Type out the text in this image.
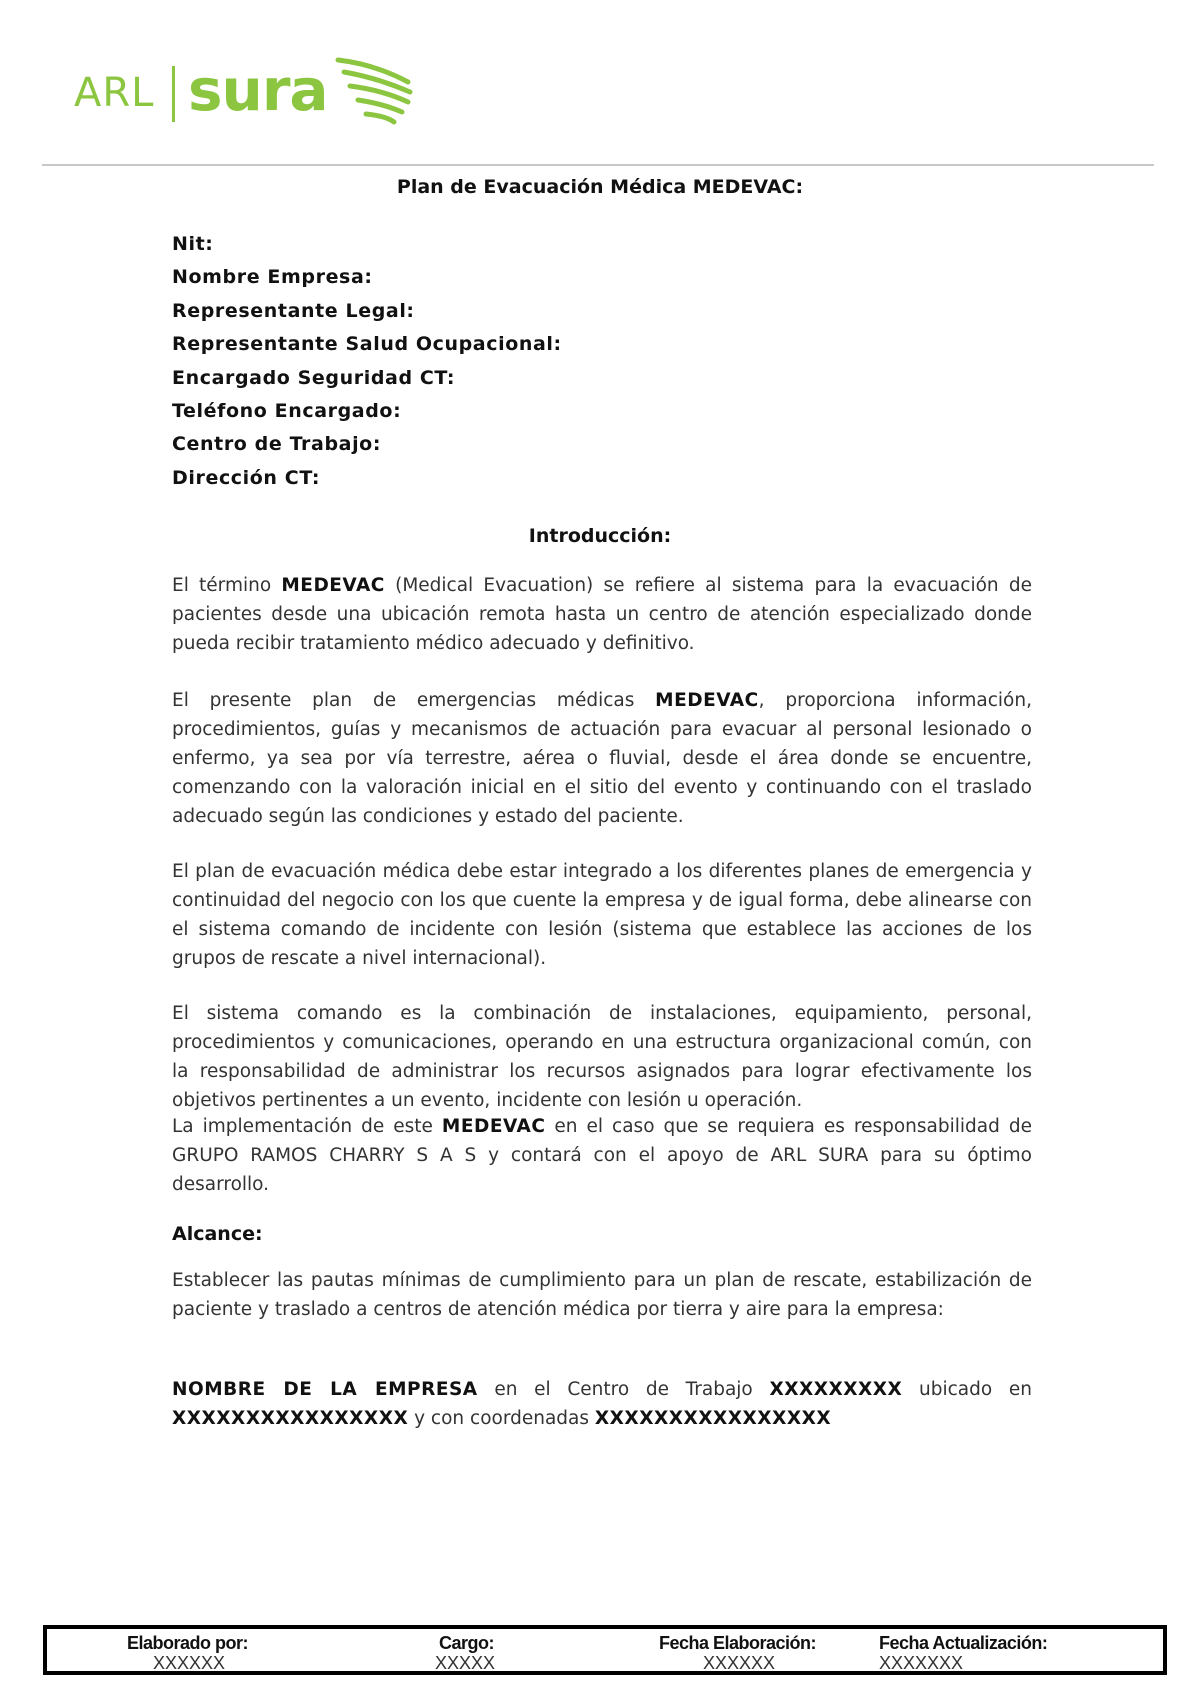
ARL sura
Plan de Evacuación Médica MEDEVAC:
Nit:
Nombre Empresa:
Representante Legal:
Representante Salud Ocupacional:
Encargado Seguridad CT:
Teléfono Encargado:
Centro de Trabajo:
Dirección CT:
Introducción:

El término MEDEVAC (Medical Evacuation) se refiere al sistema para la evacuación de pacientes desde una ubicación remota hasta un centro de atención especializado donde pueda recibir tratamiento médico adecuado y definitivo.

El presente plan de emergencias médicas MEDEVAC, proporciona información, procedimientos, guías y mecanismos de actuación para evacuar al personal lesionado o enfermo, ya sea por vía terrestre, aérea o fluvial, desde el área donde se encuentre, comenzando con la valoración inicial en el sitio del evento y continuando con el traslado adecuado según las condiciones y estado del paciente.

El plan de evacuación médica debe estar integrado a los diferentes planes de emergencia y continuidad del negocio con los que cuente la empresa y de igual forma, debe alinearse con el sistema comando de incidente con lesión (sistema que establece las acciones de los grupos de rescate a nivel internacional).

El sistema comando es la combinación de instalaciones, equipamiento, personal, procedimientos y comunicaciones, operando en una estructura organizacional común, con la responsabilidad de administrar los recursos asignados para lograr efectivamente los objetivos pertinentes a un evento, incidente con lesión u operación.

La implementación de este MEDEVAC en el caso que se requiera es responsabilidad de GRUPO RAMOS CHARRY S A S y contará con el apoyo de ARL SURA para su óptimo desarrollo.

Alcance:

Establecer las pautas mínimas de cumplimiento para un plan de rescate, estabilización de paciente y traslado a centros de atención médica por tierra y aire para la empresa:

NOMBRE DE LA EMPRESA en el Centro de Trabajo XXXXXXXXX ubicado en XXXXXXXXXXXXXXXX y con coordenadas XXXXXXXXXXXXXXXX

Elaborado por:
XXXXXX
Cargo:
XXXXX
Fecha Elaboración:
XXXXXX
Fecha Actualización:
XXXXXXX
